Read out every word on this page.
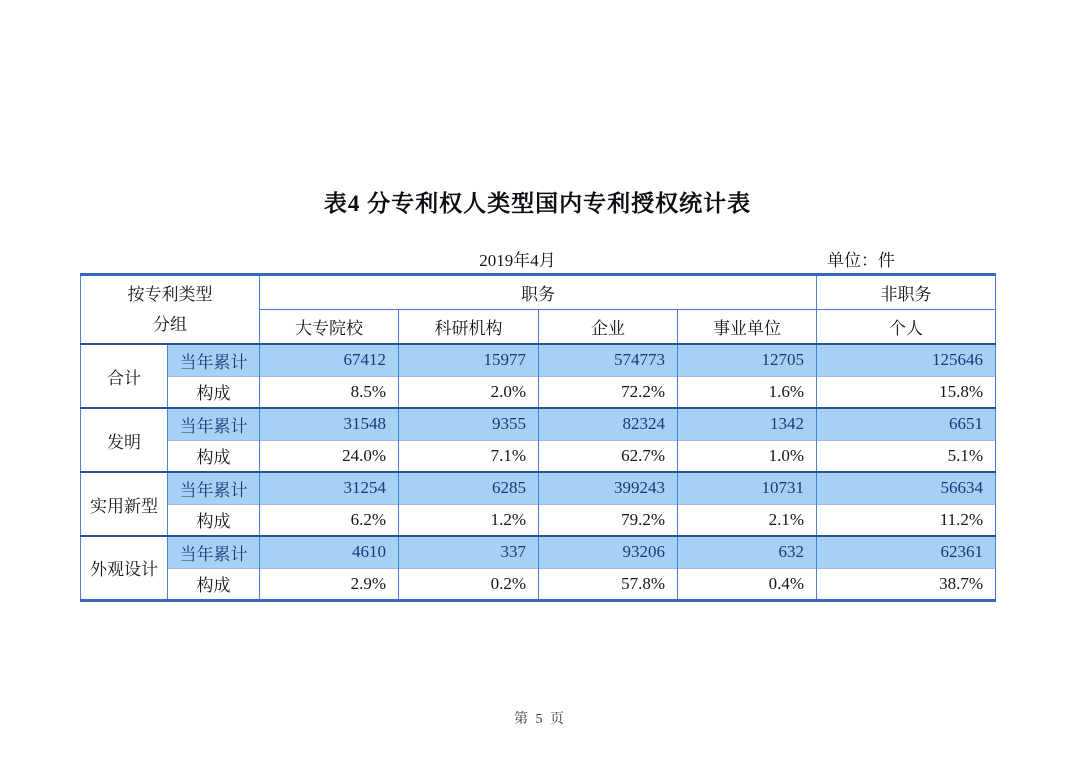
表4 分专利权人类型国内专利授权统计表
2019年4月	单位：件
按专利类型
分组		职务				非职务
		大专院校	科研机构	企业	事业单位	个人
合计	当年累计	67412	15977	574773	12705	125646
	构成	8.5%	2.0%	72.2%	1.6%	15.8%
发明	当年累计	31548	9355	82324	1342	6651
	构成	24.0%	7.1%	62.7%	1.0%	5.1%
实用新型	当年累计	31254	6285	399243	10731	56634
	构成	6.2%	1.2%	79.2%	2.1%	11.2%
外观设计	当年累计	4610	337	93206	632	62361
	构成	2.9%	0.2%	57.8%	0.4%	38.7%
第 5 页
